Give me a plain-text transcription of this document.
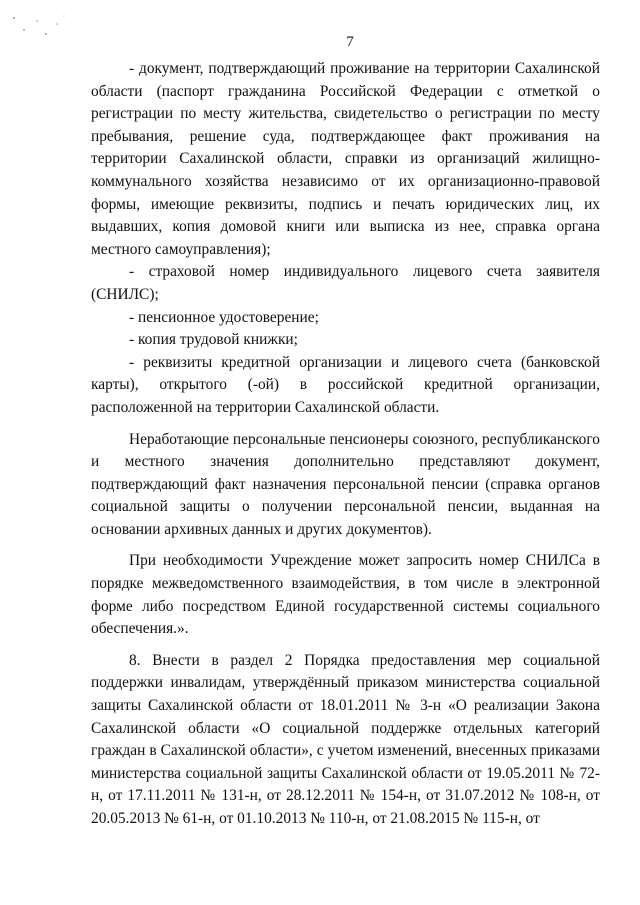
7

- документ, подтверждающий проживание на территории Сахалинской области (паспорт гражданина Российской Федерации с отметкой о регистрации по месту жительства, свидетельство о регистрации по месту пребывания, решение суда, подтверждающее факт проживания на территории Сахалинской области, справки из организаций жилищно-коммунального хозяйства независимо от их организационно-правовой формы, имеющие реквизиты, подпись и печать юридических лиц, их выдавших, копия домовой книги или выписка из нее, справка органа местного самоуправления);

- страховой номер индивидуального лицевого счета заявителя (СНИЛС);

- пенсионное удостоверение;

- копия трудовой книжки;

- реквизиты кредитной организации и лицевого счета (банковской карты), открытого (-ой) в российской кредитной организации, расположенной на территории Сахалинской области.

Неработающие персональные пенсионеры союзного, республиканского и местного значения дополнительно представляют документ, подтверждающий факт назначения персональной пенсии (справка органов социальной защиты о получении персональной пенсии, выданная на основании архивных данных и других документов).

При необходимости Учреждение может запросить номер СНИЛСа в порядке межведомственного взаимодействия, в том числе в электронной форме либо посредством Единой государственной системы социального обеспечения.».

8. Внести в раздел 2 Порядка предоставления мер социальной поддержки инвалидам, утверждённый приказом министерства социальной защиты Сахалинской области от 18.01.2011 № 3-н «О реализации Закона Сахалинской области «О социальной поддержке отдельных категорий граждан в Сахалинской области», с учетом изменений, внесенных приказами министерства социальной защиты Сахалинской области от 19.05.2011 № 72-н, от 17.11.2011 № 131-н, от 28.12.2011 № 154-н, от 31.07.2012 № 108-н, от 20.05.2013 № 61-н, от 01.10.2013 № 110-н, от 21.08.2015 № 115-н, от
